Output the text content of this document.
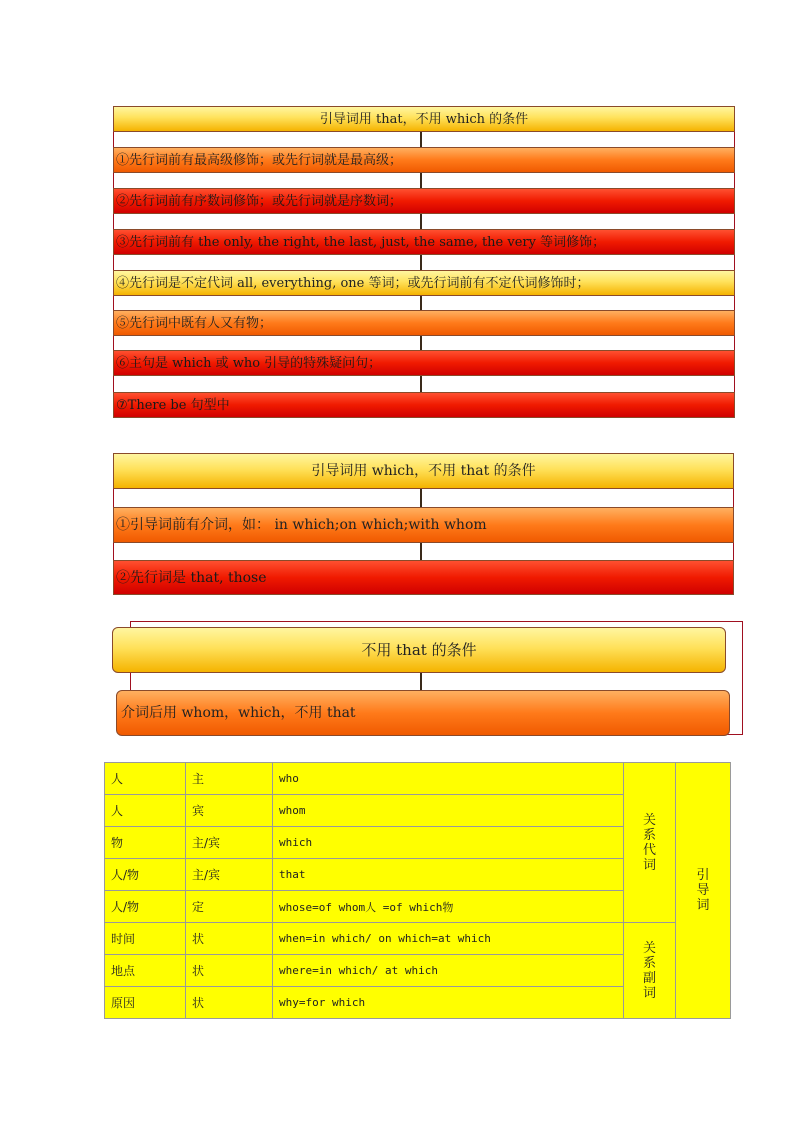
引导词用 that，不用 which 的条件
①先行词前有最高级修饰；或先行词就是最高级；
②先行词前有序数词修饰；或先行词就是序数词；
③先行词前有 the only, the right, the last, just, the same, the very 等词修饰；
④先行词是不定代词 all, everything, one 等词；或先行词前有不定代词修饰时；
⑤先行词中既有人又有物；
⑥主句是 which 或 who 引导的特殊疑问句；
⑦There be 句型中
引导词用 which，不用 that 的条件
①引导词前有介词，如： in which;on which;with whom
②先行词是 that, those
不用 that 的条件
介词后用 whom，which，不用 that
人	主	who	关系代词	引导词
人	宾	whom		
物	主/宾	which		
人/物	主/宾	that		
人/物	定	whose=of whom人 =of which物		
时间	状	when=in which/ on which=at which	关系副词	
地点	状	where=in which/ at which		
原因	状	why=for which		
